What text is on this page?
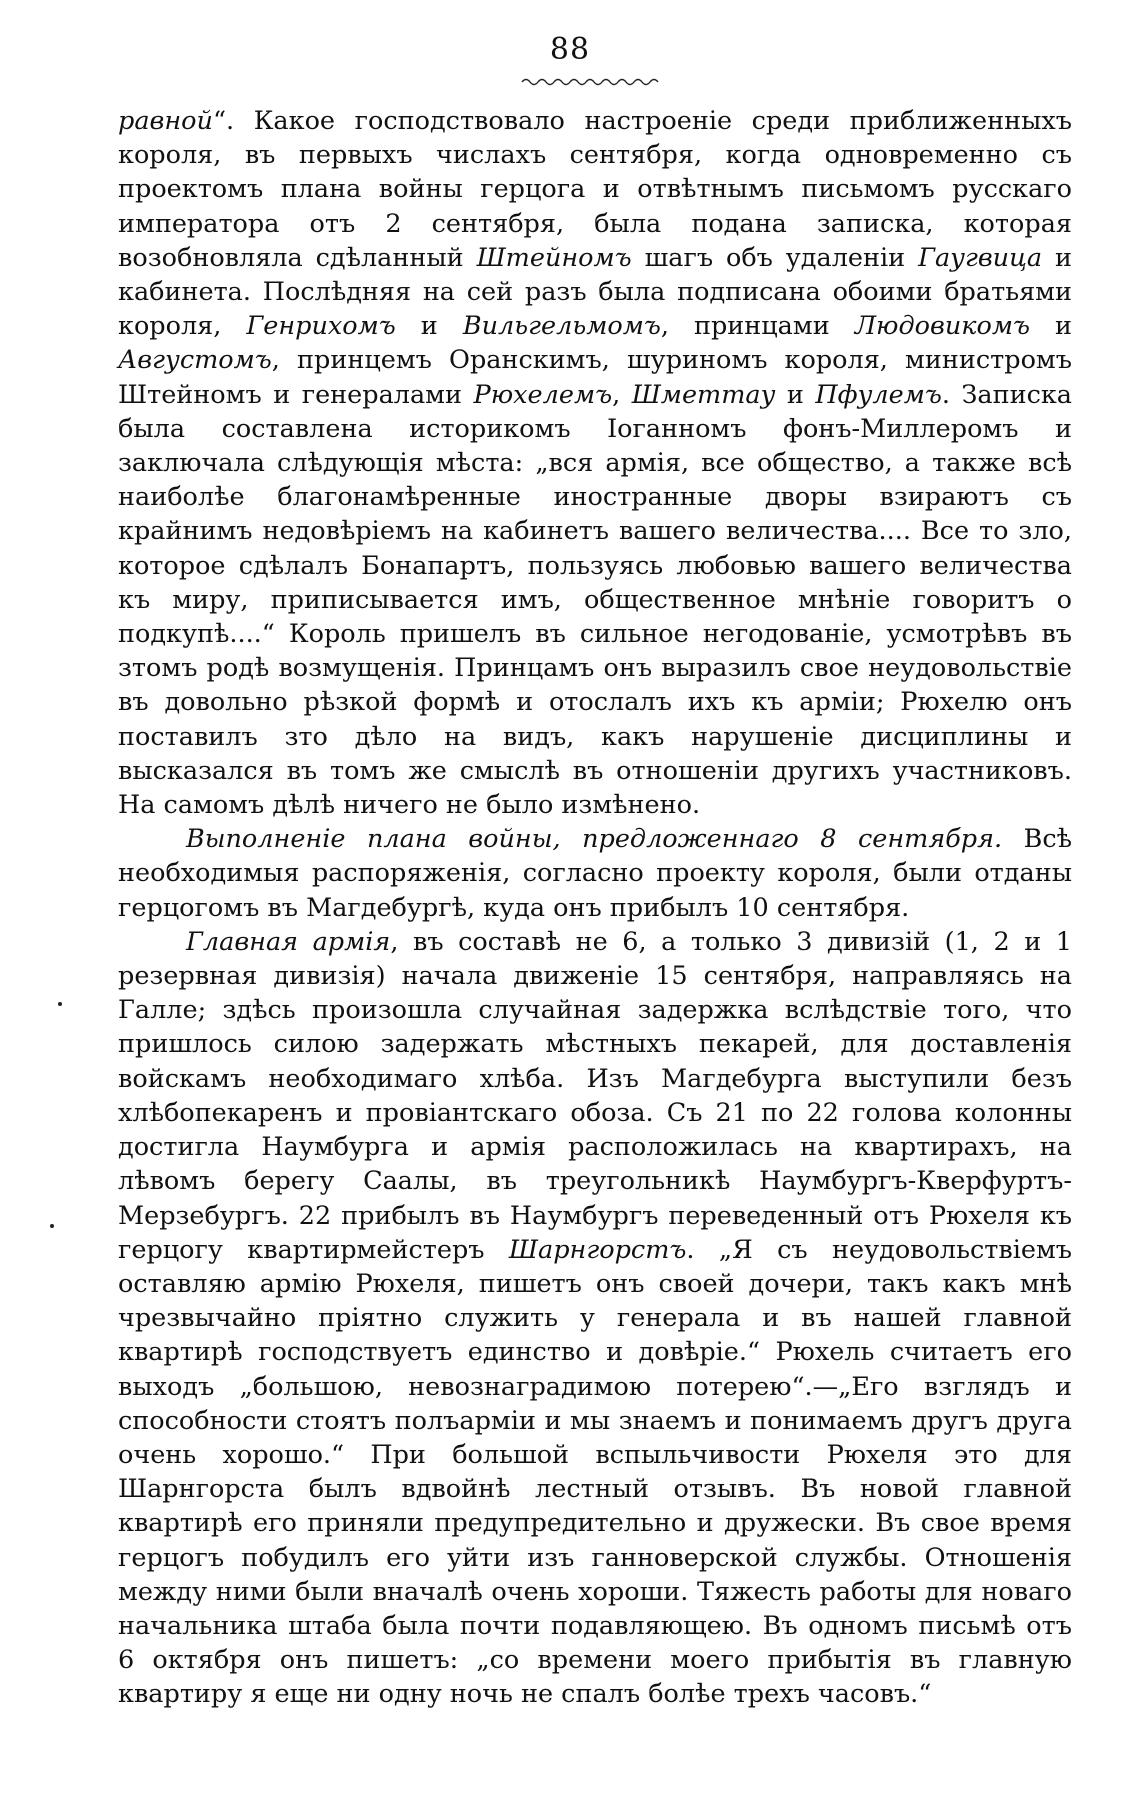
88

равной“. Какое господствовало настроеніе среди приближенныхъ короля, въ первыхъ числахъ сентября, когда одновременно съ проектомъ плана войны герцога и отвѣтнымъ письмомъ русскаго императора отъ 2 сентября, была подана записка, которая возобновляла сдѣланный Штейномъ шагъ объ удаленіи Гаугвица и кабинета. Послѣдняя на сей разъ была подписана обоими братьями короля, Генрихомъ и Вильгельмомъ, принцами Людовикомъ и Августомъ, принцемъ Оранскимъ, шуриномъ короля, министромъ Штейномъ и генералами Рюхелемъ, Шметтау и Пфулемъ. Записка была составлена историкомъ Іоганномъ фонъ-Миллеромъ и заключала слѣдующія мѣста: „вся армія, все общество, а также всѣ наиболѣе благонамѣренные иностранные дворы взираютъ съ крайнимъ недовѣріемъ на кабинетъ вашего величества.... Все то зло, которое сдѣлалъ Бонапартъ, пользуясь любовью вашего величества къ миру, приписывается имъ, общественное мнѣніе говоритъ о подкупѣ....“ Король пришелъ въ сильное негодованіе, усмотрѣвъ въ зтомъ родѣ возмущенія. Принцамъ онъ выразилъ свое неудовольствіе въ довольно рѣзкой формѣ и отослалъ ихъ къ арміи; Рюхелю онъ поставилъ зто дѣло на видъ, какъ нарушеніе дисциплины и высказался въ томъ же смыслѣ въ отношеніи другихъ участниковъ. На самомъ дѣлѣ ничего не было измѣнено.

Выполненіе плана войны, предложеннаго 8 сентября. Всѣ необходимыя распоряженія, согласно проекту короля, были отданы герцогомъ въ Магдебургѣ, куда онъ прибылъ 10 сентября.

Главная армія, въ составѣ не 6, а только 3 дивизій (1, 2 и 1 резервная дивизія) начала движеніе 15 сентября, направляясь на Галле; здѣсь произошла случайная задержка вслѣдствіе того, что пришлось силою задержать мѣстныхъ пекарей, для доставленія войскамъ необходимаго хлѣба. Изъ Магдебурга выступили безъ хлѣбопекаренъ и провіантскаго обоза. Съ 21 по 22 голова колонны достигла Наумбурга и армія расположилась на квартирахъ, на лѣвомъ берегу Саалы, въ треугольникѣ Наумбургъ-Кверфуртъ-Мерзебургъ. 22 прибылъ въ Наумбургъ переведенный отъ Рюхеля къ герцогу квартирмейстеръ Шарнгорстъ. „Я съ неудовольствіемъ оставляю армію Рюхеля, пишетъ онъ своей дочери, такъ какъ мнѣ чрезвычайно пріятно служить у генерала и въ нашей главной квартирѣ господствуетъ единство и довѣріе.“ Рюхель считаетъ его выходъ „большою, невознаградимою потерею“.—„Его взглядъ и способности стоятъ полъарміи и мы знаемъ и понимаемъ другъ друга очень хорошо.“ При большой вспыльчивости Рюхеля это для Шарнгорста былъ вдвойнѣ лестный отзывъ. Въ новой главной квартирѣ его приняли предупредительно и дружески. Въ свое время герцогъ побудилъ его уйти изъ ганноверской службы. Отношенія между ними были вначалѣ очень хороши. Тяжесть работы для новаго начальника штаба была почти подавляющею. Въ одномъ письмѣ отъ 6 октября онъ пишетъ: „со времени моего прибытія въ главную квартиру я еще ни одну ночь не спалъ болѣе трехъ часовъ.“
